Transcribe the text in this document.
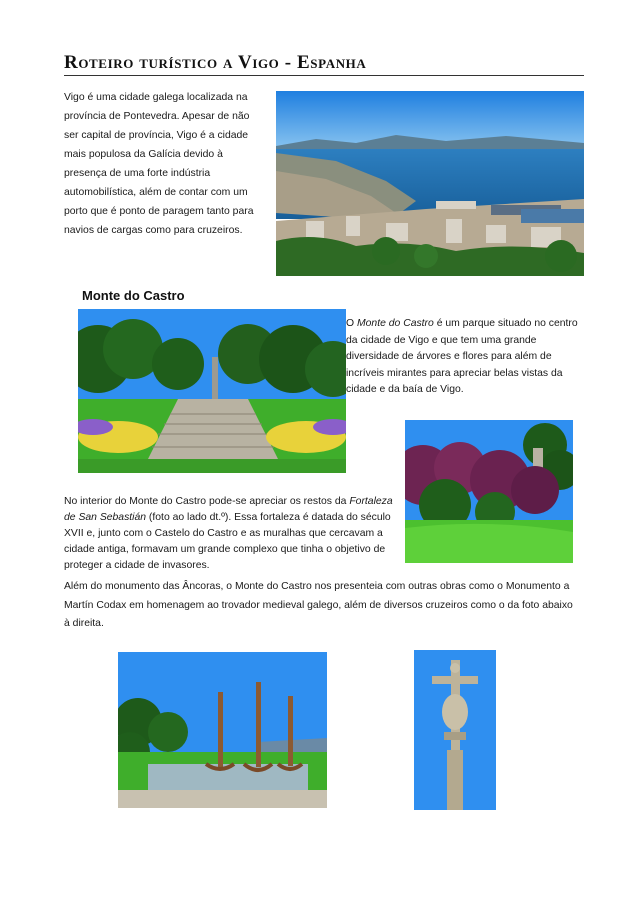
Roteiro turístico a Vigo - Espanha
Vigo é uma cidade galega localizada na província de Pontevedra. Apesar de não ser capital de província, Vigo é a cidade mais populosa da Galícia devido à presença de uma forte indústria automobilística, além de contar com um porto que é ponto de paragem tanto para navios de cargas como para cruzeiros.
Monte do Castro
O Monte do Castro é um parque situado no centro da cidade de Vigo e que tem uma grande diversidade de árvores e flores para além de incríveis mirantes para apreciar belas vistas da cidade e da baía de Vigo.
No interior do Monte do Castro pode-se apreciar os restos da Fortaleza de San Sebastián (foto ao lado dt.º). Essa fortaleza é datada do século XVII e, junto com o Castelo do Castro e as muralhas que cercavam a cidade antiga, formavam um grande complexo que tinha o objetivo de proteger a cidade de invasores.
Além do monumento das Âncoras, o Monte do Castro nos presenteia com outras obras como o Monumento a Martín Codax em homenagem ao trovador medieval galego, além de diversos cruzeiros como o da foto abaixo à direita.
